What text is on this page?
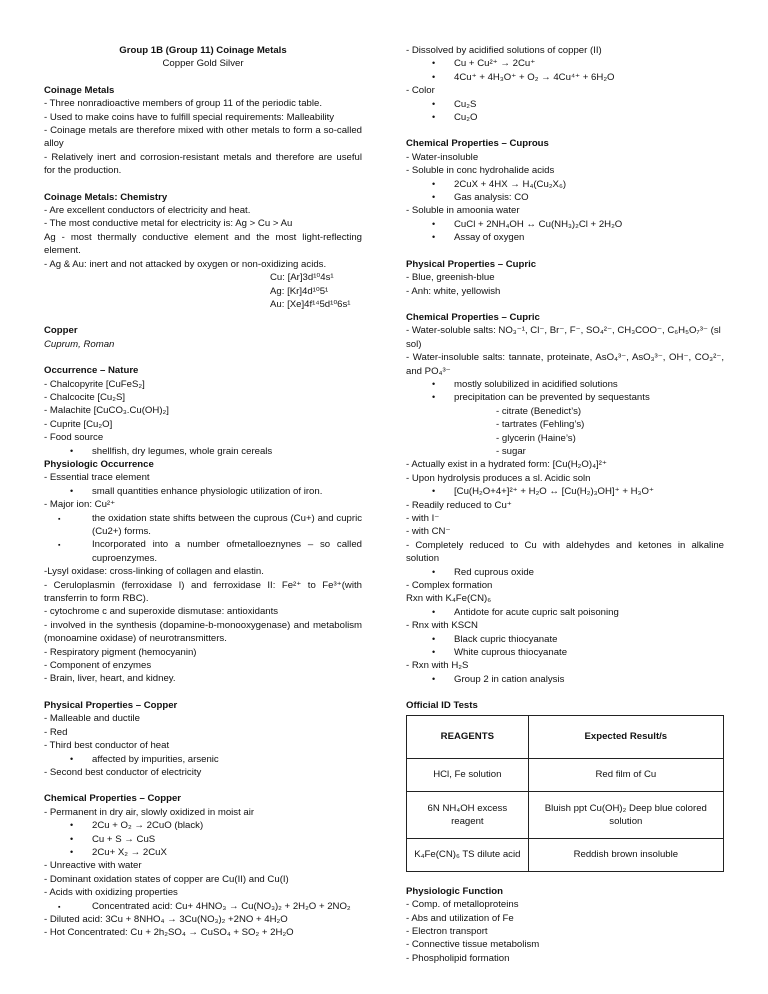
Group 1B (Group 11) Coinage Metals
Copper Gold Silver
Coinage Metals
- Three nonradioactive members of group 11 of the periodic table.
- Used to make coins have to fulfill special requirements: Malleability
- Coinage metals are therefore mixed with other metals to form a so-called alloy
- Relatively inert and corrosion-resistant metals and therefore are useful for the production.
Coinage Metals: Chemistry
- Are excellent conductors of electricity and heat.
- The most conductive metal for electricity is: Ag > Cu > Au
Ag - most thermally conductive element and the most light-reflecting element.
- Ag & Au: inert and not attacked by oxygen or non-oxidizing acids.
Cu: [Ar]3d¹⁰4s¹
Ag: [Kr]4d¹⁰5¹
Au: [Xe]4f¹⁴5d¹⁰6s¹
Copper
Cuprum, Roman
Occurrence – Nature
- Chalcopyrite [CuFeS₂]
- Chalcocite [Cu₂S]
- Malachite [CuCO₃.Cu(OH)₂]
- Cuprite [Cu₂O]
- Food source
• shellfish, dry legumes, whole grain cereals
Physiologic Occurrence
- Essential trace element
• small quantities enhance physiologic utilization of iron.
- Major ion: Cu²⁺
▪ the oxidation state shifts between the cuprous (Cu+) and cupric (Cu2+) forms.
▪ Incorporated into a number ofmetalloeznynes – so called cuproenzymes.
-Lysyl oxidase: cross-linking of collagen and elastin.
- Ceruloplasmin (ferroxidase I) and ferroxidase II: Fe²⁺ to Fe³⁺(with transferrin to form RBC).
- cytochrome c and superoxide dismutase: antioxidants
- involved in the synthesis (dopamine-b-monooxygenase) and metabolism (monoamine oxidase) of neurotransmitters.
- Respiratory pigment (hemocyanin)
- Component of enzymes
- Brain, liver, heart, and kidney.
Physical Properties – Copper
- Malleable and ductile
- Red
- Third best conductor of heat
• affected by impurities, arsenic
- Second best conductor of electricity
Chemical Properties – Copper
- Permanent in dry air, slowly oxidized in moist air
• 2Cu + O₂ → 2CuO (black)
• Cu + S → CuS
• 2Cu+ X₂ → 2CuX
- Unreactive with water
- Dominant oxidation states of copper are Cu(II) and Cu(I)
- Acids with oxidizing properties
▪ Concentrated acid: Cu+ 4HNO₃ → Cu(NO₃)₂ + 2H₂O + 2NO₂
- Diluted acid: 3Cu + 8NHO₄ → 3Cu(NO₃)₂ +2NO + 4H₂O
- Hot Concentrated: Cu + 2h₂SO₄ → CuSO₄ + SO₂ + 2H₂O
- Dissolved by acidified solutions of copper (II)
• Cu + Cu²⁺ → 2Cu⁺
• 4Cu⁺ + 4H₃O⁺ + O₂ → 4Cu⁴⁺ + 6H₂O
- Color
• Cu₂S
• Cu₂O
Chemical Properties – Cuprous
- Water-insoluble
- Soluble in conc hydrohalide acids
• 2CuX + 4HX → H₄(Cu₂X₆)
• Gas analysis: CO
- Soluble in amoonia water
• CuCl + 2NH₄OH ↔ Cu(NH₃)₂Cl + 2H₂O
• Assay of oxygen
Physical Properties – Cupric
- Blue, greenish-blue
- Anh: white, yellowish
Chemical Properties – Cupric
- Water-soluble salts: NO₃⁻¹, Cl⁻, Br⁻, F⁻, SO₄²⁻, CH₃COO⁻, C₆H₅O₇³⁻ (sl sol)
- Water-insoluble salts: tannate, proteinate, AsO₄³⁻, AsO₃³⁻, OH⁻, CO₃²⁻, and PO₄³⁻
• mostly solubilized in acidified solutions
• precipitation can be prevented by sequestants
- citrate (Benedict’s)
- tartrates (Fehling’s)
- glycerin (Haine’s)
- sugar
- Actually exist in a hydrated form: [Cu(H₂O)₄]²⁺
- Upon hydrolysis produces a sl. Acidic soln
• [Cu(H₂O+4+]²⁺ + H₂O ↔ [Cu(H₂)₃OH]⁺ + H₃O⁺
- Readily reduced to Cu⁺
- with I⁻
- with CN⁻
- Completely reduced to Cu with aldehydes and ketones in alkaline solution
• Red cuprous oxide
- Complex formation
Rxn with K₄Fe(CN)₆
• Antidote for acute cupric salt poisoning
- Rnx with KSCN
• Black cupric thiocyanate
• White cuprous thiocyanate
- Rxn with H₂S
• Group 2 in cation analysis
Official ID Tests
REAGENTS	Expected Result/s
HCl, Fe solution	Red film of Cu
6N NH₄OH excess reagent	Bluish ppt Cu(OH)₂ Deep blue colored solution
K₄Fe(CN)₆ TS dilute acid	Reddish brown insoluble
Physiologic Function
- Comp. of metalloproteins
- Abs and utilization of Fe
- Electron transport
- Connective tissue metabolism
- Phospholipid formation
